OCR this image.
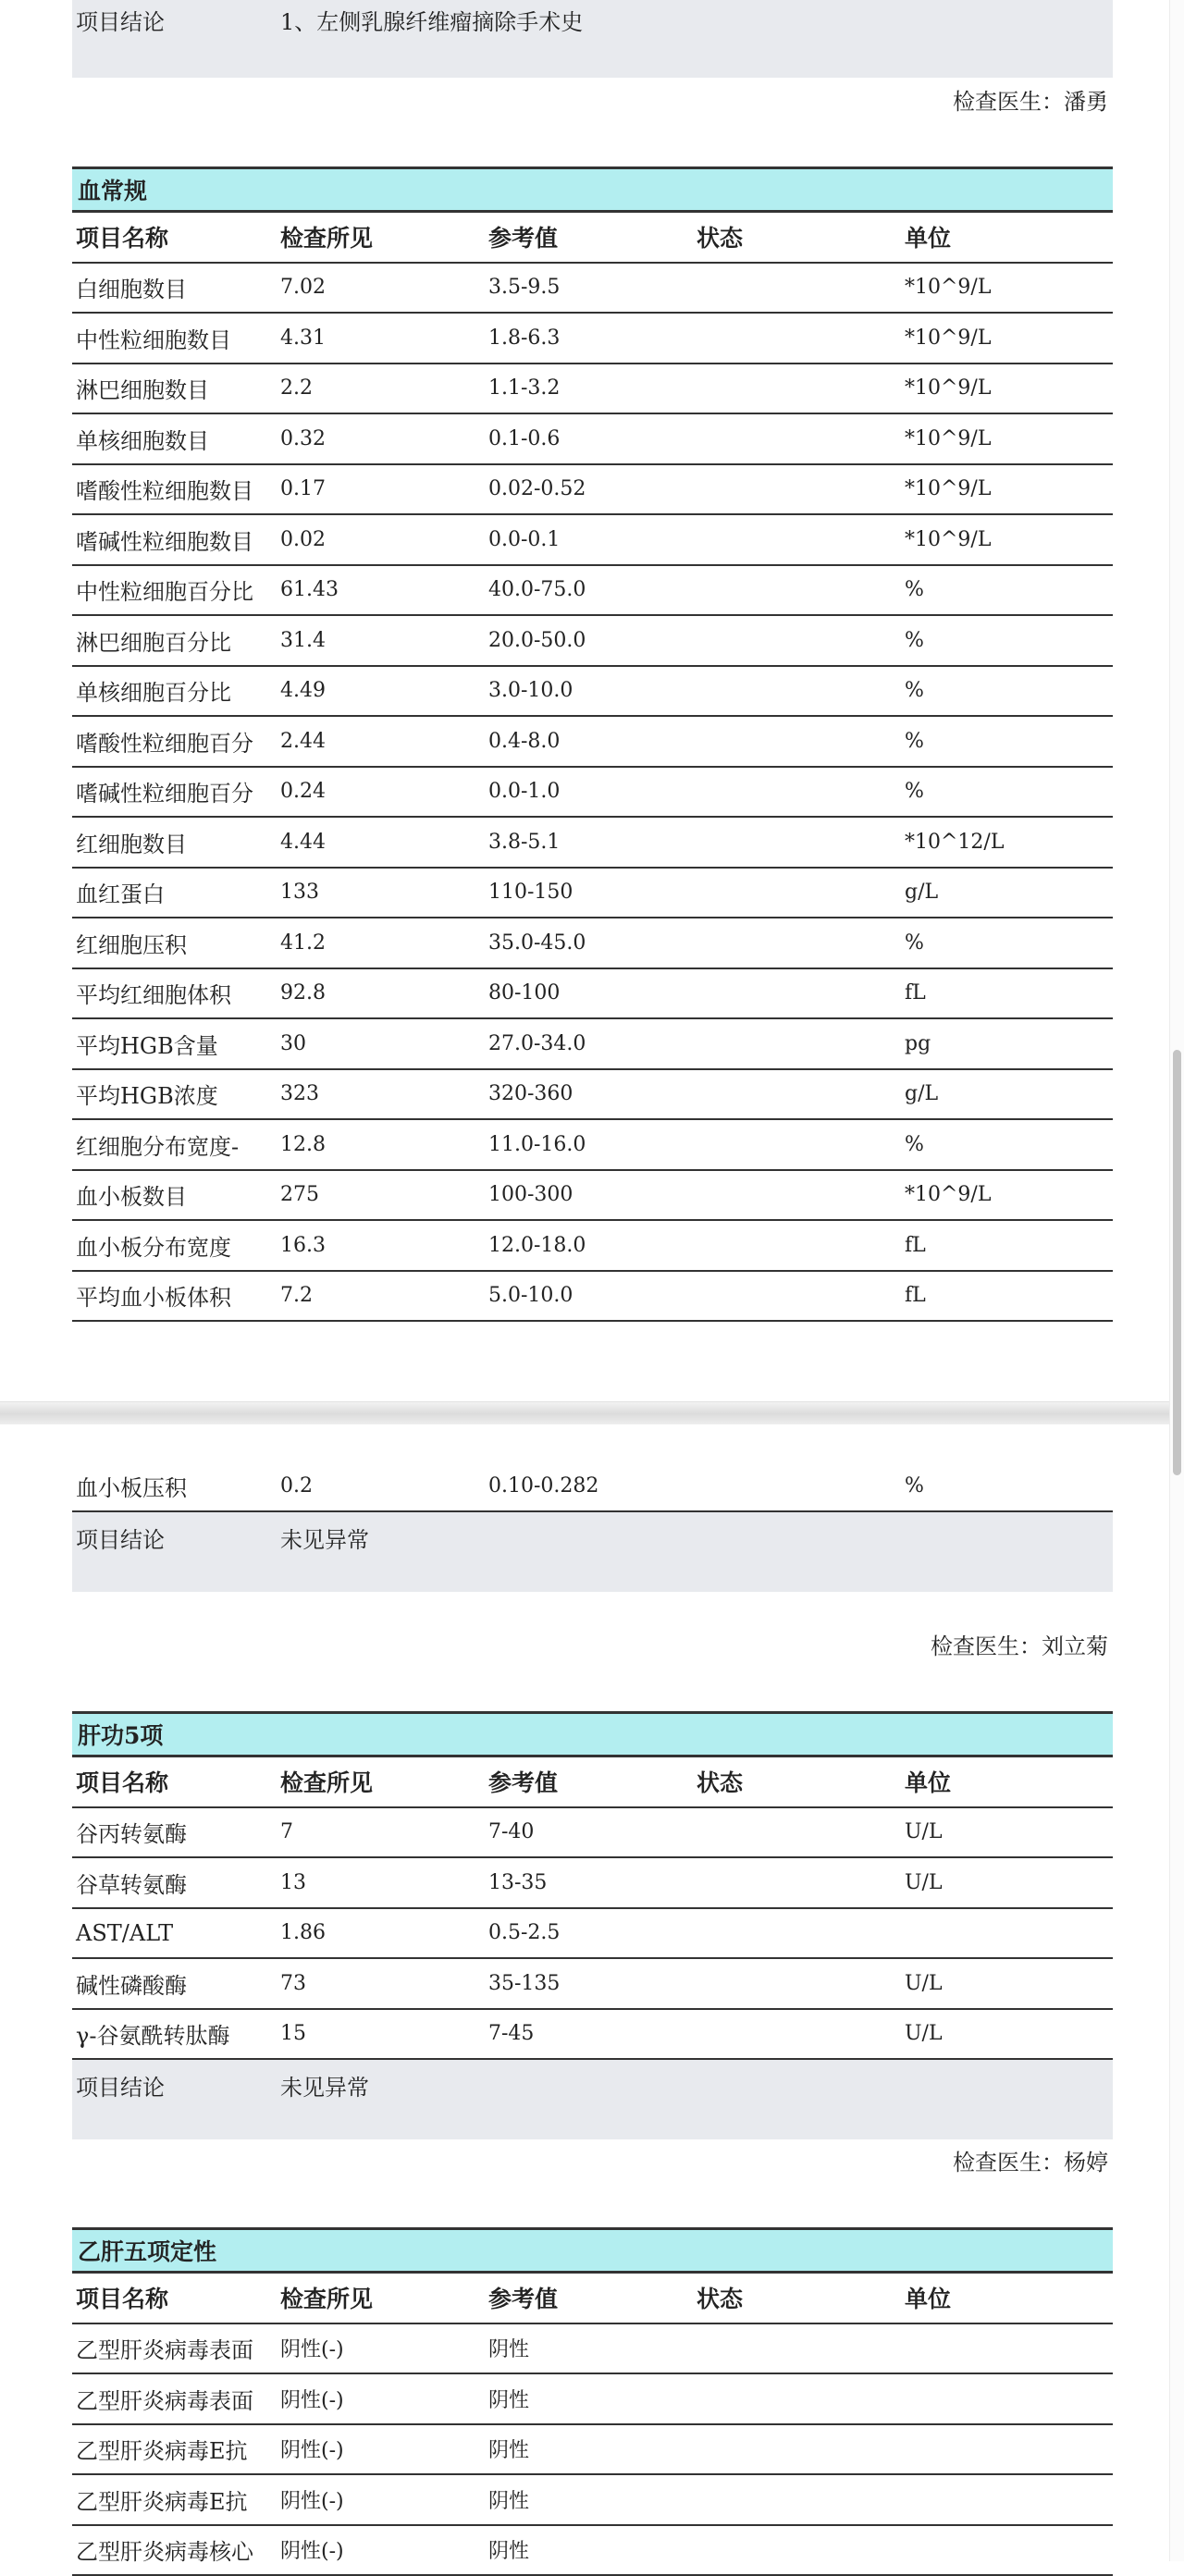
项目结论	1、左侧乳腺纤维瘤摘除手术史
检查医生：潘勇
血常规
项目名称	检查所见	参考值	状态	单位
白细胞数目	7.02	3.5-9.5	*10^9/L
中性粒细胞数目	4.31	1.8-6.3	*10^9/L
淋巴细胞数目	2.2	1.1-3.2	*10^9/L
单核细胞数目	0.32	0.1-0.6	*10^9/L
嗜酸性粒细胞数目	0.17	0.02-0.52	*10^9/L
嗜碱性粒细胞数目	0.02	0.0-0.1	*10^9/L
中性粒细胞百分比	61.43	40.0-75.0	%
淋巴细胞百分比	31.4	20.0-50.0	%
单核细胞百分比	4.49	3.0-10.0	%
嗜酸性粒细胞百分	2.44	0.4-8.0	%
嗜碱性粒细胞百分	0.24	0.0-1.0	%
红细胞数目	4.44	3.8-5.1	*10^12/L
血红蛋白	133	110-150	g/L
红细胞压积	41.2	35.0-45.0	%
平均红细胞体积	92.8	80-100	fL
平均HGB含量	30	27.0-34.0	pg
平均HGB浓度	323	320-360	g/L
红细胞分布宽度-	12.8	11.0-16.0	%
血小板数目	275	100-300	*10^9/L
血小板分布宽度	16.3	12.0-18.0	fL
平均血小板体积	7.2	5.0-10.0	fL
血小板压积	0.2	0.10-0.282	%
项目结论	未见异常
检查医生：刘立菊
肝功5项
项目名称	检查所见	参考值	状态	单位
谷丙转氨酶	7	7-40	U/L
谷草转氨酶	13	13-35	U/L
AST/ALT	1.86	0.5-2.5
碱性磷酸酶	73	35-135	U/L
γ-谷氨酰转肽酶	15	7-45	U/L
项目结论	未见异常
检查医生：杨婷
乙肝五项定性
项目名称	检查所见	参考值	状态	单位
乙型肝炎病毒表面	阴性(-)	阴性
乙型肝炎病毒表面	阴性(-)	阴性
乙型肝炎病毒E抗	阴性(-)	阴性
乙型肝炎病毒E抗	阴性(-)	阴性
乙型肝炎病毒核心	阴性(-)	阴性
